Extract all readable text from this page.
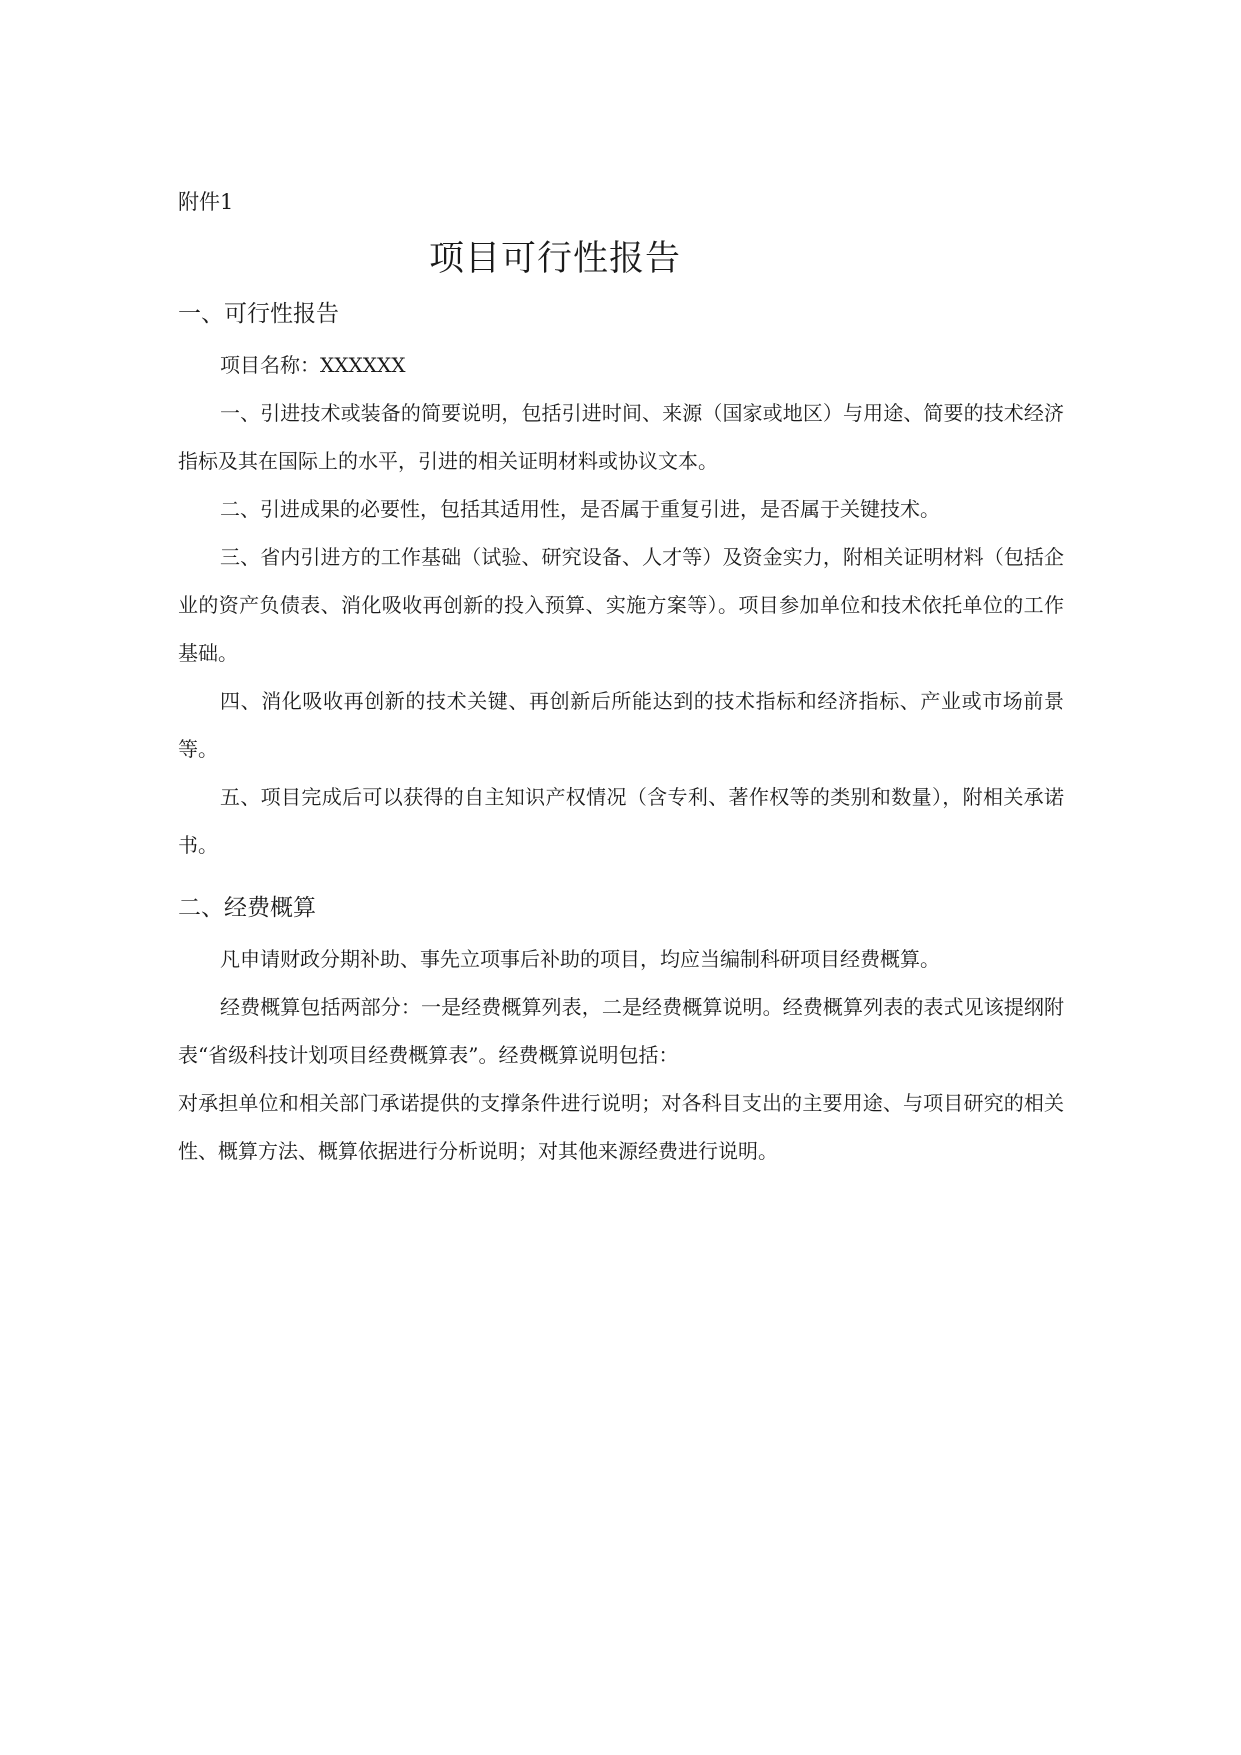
附件1
项目可行性报告
一、可行性报告

项目名称：XXXXXX

一、引进技术或装备的简要说明，包括引进时间、来源（国家或地区）与用途、简要的技术经济指标及其在国际上的水平，引进的相关证明材料或协议文本。

二、引进成果的必要性，包括其适用性，是否属于重复引进，是否属于关键技术。

三、省内引进方的工作基础（试验、研究设备、人才等）及资金实力，附相关证明材料（包括企业的资产负债表、消化吸收再创新的投入预算、实施方案等）。项目参加单位和技术依托单位的工作基础。

四、消化吸收再创新的技术关键、再创新后所能达到的技术指标和经济指标、产业或市场前景等。

五、项目完成后可以获得的自主知识产权情况（含专利、著作权等的类别和数量），附相关承诺书。

二、经费概算

凡申请财政分期补助、事先立项事后补助的项目，均应当编制科研项目经费概算。

经费概算包括两部分：一是经费概算列表，二是经费概算说明。经费概算列表的表式见该提纲附表“省级科技计划项目经费概算表”。经费概算说明包括：

对承担单位和相关部门承诺提供的支撑条件进行说明；对各科目支出的主要用途、与项目研究的相关性、概算方法、概算依据进行分析说明；对其他来源经费进行说明。
